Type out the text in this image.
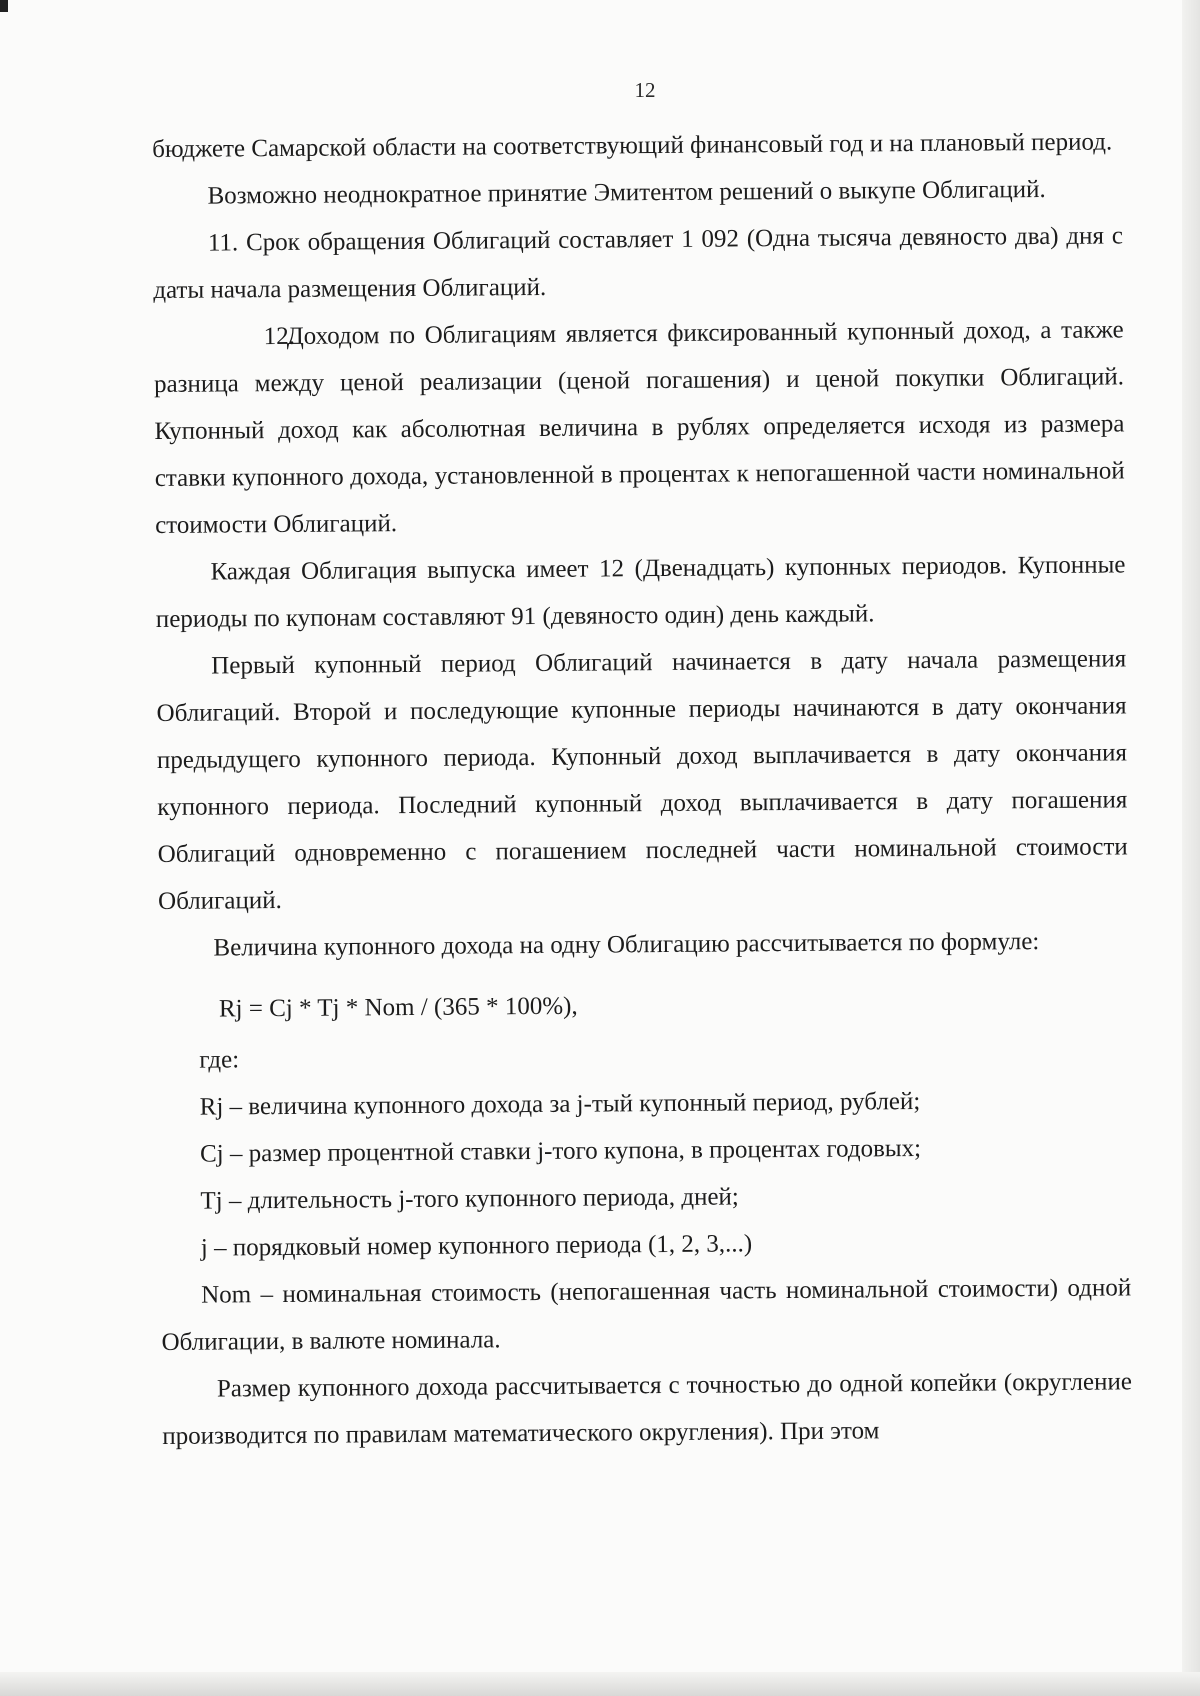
12

бюджете Самарской области на соответствующий финансовый год и на плановый период.

Возможно неоднократное принятие Эмитентом решений о выкупе Облигаций.

11. Срок обращения Облигаций составляет 1 092 (Одна тысяча девяносто два) дня с даты начала размещения Облигаций.

12.Доходом по Облигациям является фиксированный купонный доход, а также разница между ценой реализации (ценой погашения) и ценой покупки Облигаций. Купонный доход как абсолютная величина в рублях определяется исходя из размера ставки купонного дохода, установленной в процентах к непогашенной части номинальной стоимости Облигаций.

Каждая Облигация выпуска имеет 12 (Двенадцать) купонных периодов. Купонные периоды по купонам составляют 91 (девяносто один) день каждый.

Первый купонный период Облигаций начинается в дату начала размещения Облигаций. Второй и последующие купонные периоды начинаются в дату окончания предыдущего купонного периода. Купонный доход выплачивается в дату окончания купонного периода. Последний купонный доход выплачивается в дату погашения Облигаций одновременно с погашением последней части номинальной стоимости Облигаций.

Величина купонного дохода на одну Облигацию рассчитывается по формуле:

Rj = Cj * Tj * Nom / (365 * 100%),

где:

Rj – величина купонного дохода за j-тый купонный период, рублей;

Cj – размер процентной ставки j-того купона, в процентах годовых;

Tj – длительность j-того купонного периода, дней;

j – порядковый номер купонного периода (1, 2, 3,...)

Nom – номинальная стоимость (непогашенная часть номинальной стоимости) одной Облигации, в валюте номинала.

Размер купонного дохода рассчитывается с точностью до одной копейки (округление производится по правилам математического округления). При этом
